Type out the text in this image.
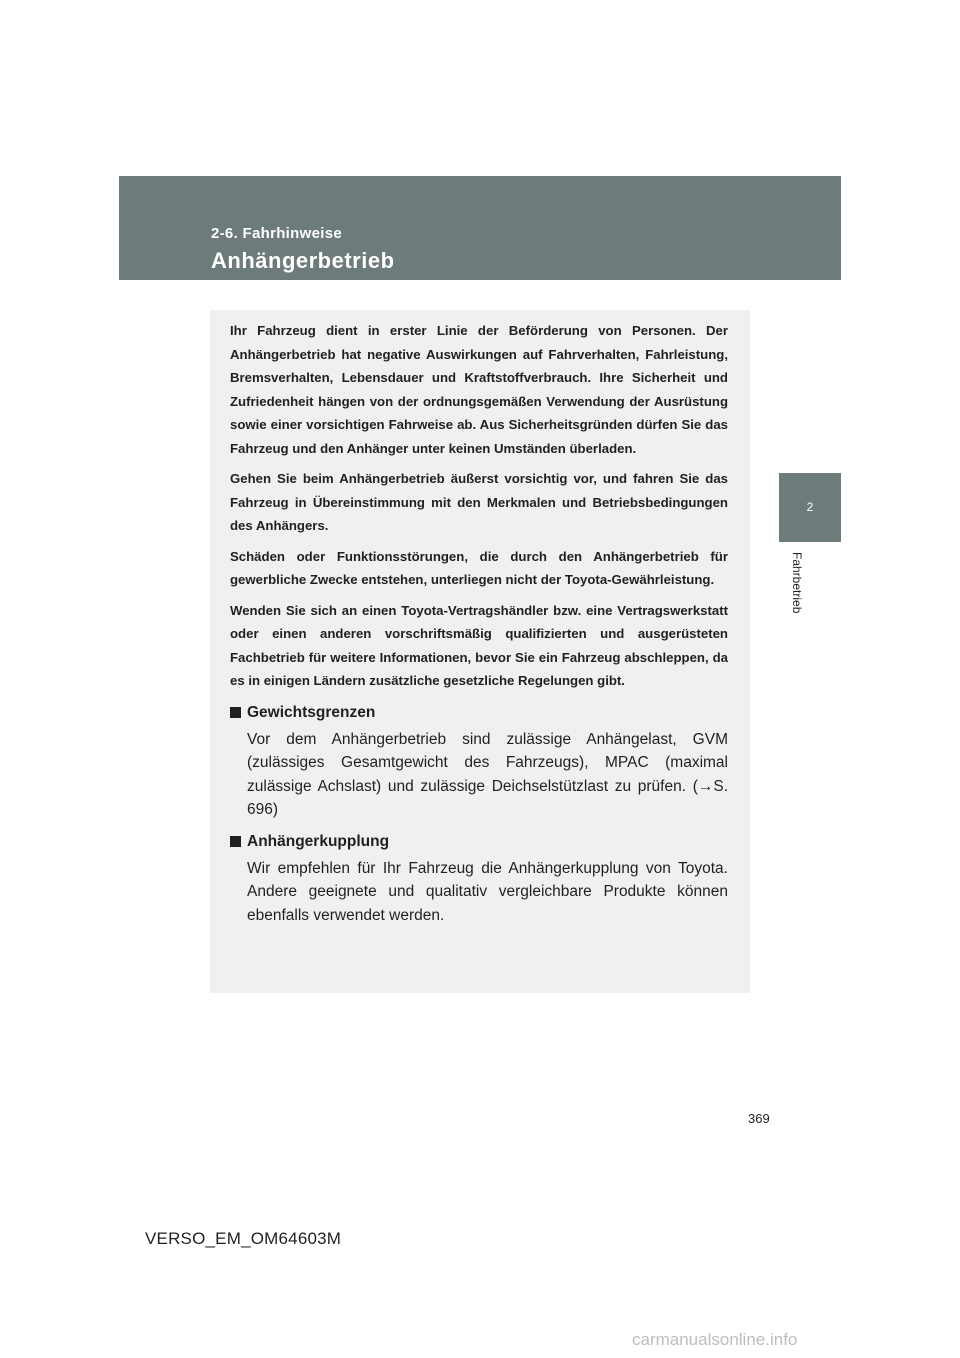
2-6. Fahrhinweise
Anhängerbetrieb
2
Fahrbetrieb

Ihr Fahrzeug dient in erster Linie der Beförderung von Personen. Der Anhängerbetrieb hat negative Auswirkungen auf Fahrverhalten, Fahrleistung, Bremsverhalten, Lebensdauer und Kraftstoffverbrauch. Ihre Sicherheit und Zufriedenheit hängen von der ordnungsgemäßen Verwendung der Ausrüstung sowie einer vorsichtigen Fahrweise ab. Aus Sicherheitsgründen dürfen Sie das Fahrzeug und den Anhänger unter keinen Umständen überladen.

Gehen Sie beim Anhängerbetrieb äußerst vorsichtig vor, und fahren Sie das Fahrzeug in Übereinstimmung mit den Merkmalen und Betriebsbedingungen des Anhängers.

Schäden oder Funktionsstörungen, die durch den Anhängerbetrieb für gewerbliche Zwecke entstehen, unterliegen nicht der Toyota-Gewährleistung.

Wenden Sie sich an einen Toyota-Vertragshändler bzw. eine Vertragswerkstatt oder einen anderen vorschriftsmäßig qualifizierten und ausgerüsteten Fachbetrieb für weitere Informationen, bevor Sie ein Fahrzeug abschleppen, da es in einigen Ländern zusätzliche gesetzliche Regelungen gibt.

Gewichtsgrenzen
Vor dem Anhängerbetrieb sind zulässige Anhängelast, GVM (zulässiges Gesamtgewicht des Fahrzeugs), MPAC (maximal zulässige Achslast) und zulässige Deichselstützlast zu prüfen. (→S. 696)
Anhängerkupplung
Wir empfehlen für Ihr Fahrzeug die Anhängerkupplung von Toyota. Andere geeignete und qualitativ vergleichbare Produkte können ebenfalls verwendet werden.
369
VERSO_EM_OM64603M
carmanualsonline.info
